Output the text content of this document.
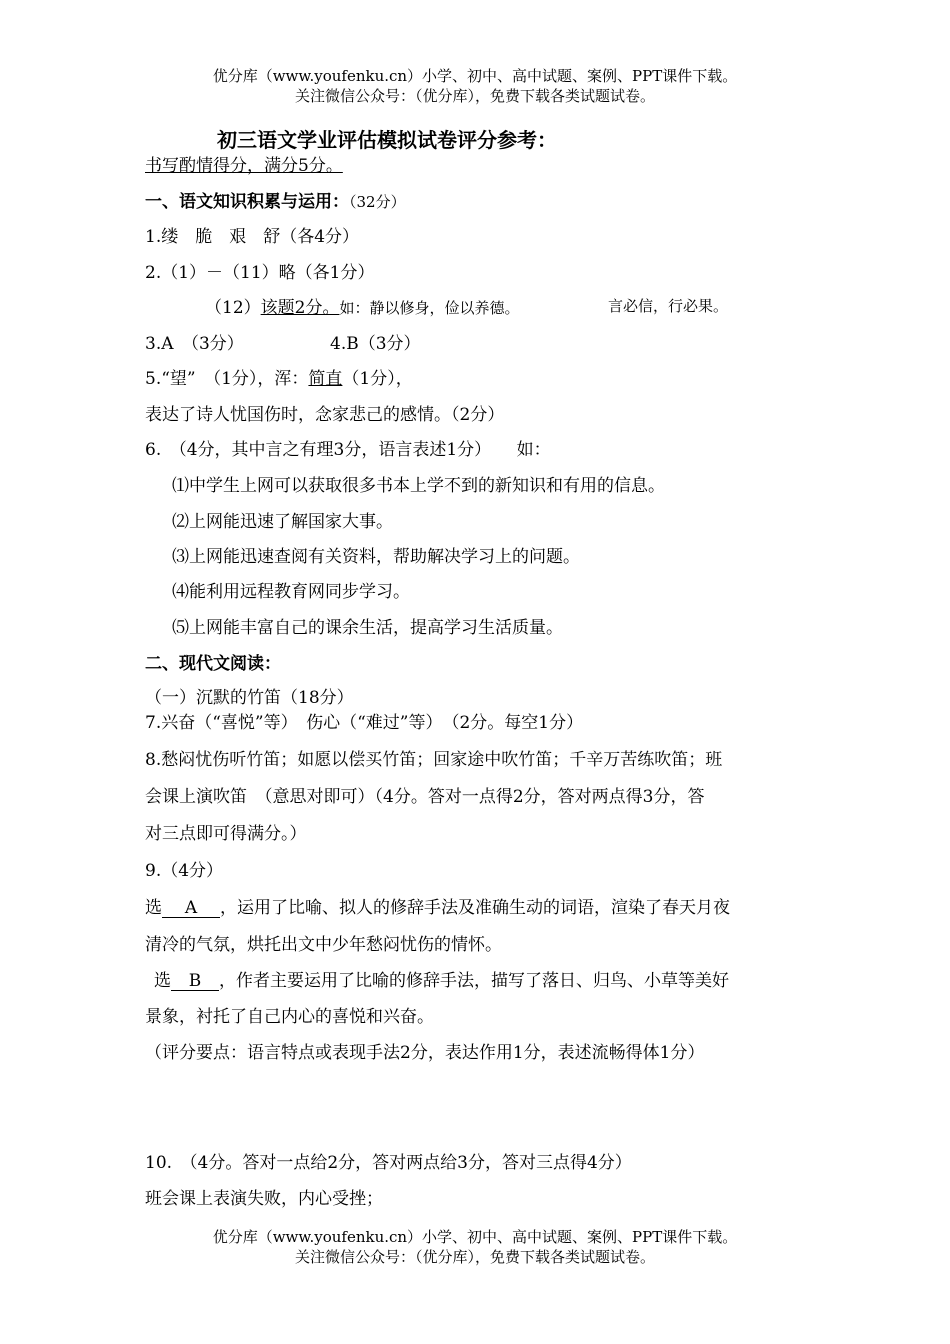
优分库（www.youfenku.cn）小学、初中、高中试题、案例、PPT课件下载。
关注微信公众号：（优分库），免费下载各类试题试卷。
初三语文学业评估模拟试卷评分参考：
书写酌情得分，满分5分。
一、语文知识积累与运用：（32分）
1.缕　脆　艰　舒（各4分）
2.（1）－（11）略（各1分）
（12）该题2分。如：静以修身，俭以养德。	言必信，行必果。
3.A　（3分）	4.B（3分）
5.“望”　（1分），浑：简直（1分），
表达了诗人忧国伤时，念家悲己的感情。（2分）
6.　（4分，其中言之有理3分，语言表述1分）　　如：
⑴中学生上网可以获取很多书本上学不到的新知识和有用的信息。
⑵上网能迅速了解国家大事。
⑶上网能迅速查阅有关资料，帮助解决学习上的问题。
⑷能利用远程教育网同步学习。
⑸上网能丰富自己的课余生活，提高学习生活质量。
二、现代文阅读：
（一）沉默的竹笛（18分）
7.兴奋（“喜悦”等）　伤心（“难过”等）　（2分。每空1分）
8.愁闷忧伤听竹笛；如愿以偿买竹笛；回家途中吹竹笛；千辛万苦练吹笛；班
会课上演吹笛　（意思对即可）（4分。答对一点得2分，答对两点得3分，答
对三点即可得满分。）
9.（4分）
选 A ，运用了比喻、拟人的修辞手法及准确生动的词语，渲染了春天月夜
清冷的气氛，烘托出文中少年愁闷忧伤的情怀。
选 B ，作者主要运用了比喻的修辞手法，描写了落日、归鸟、小草等美好
景象，衬托了自己内心的喜悦和兴奋。
（评分要点：语言特点或表现手法2分，表达作用1分，表述流畅得体1分）
10.　（4分。答对一点给2分，答对两点给3分，答对三点得4分）
班会课上表演失败，内心受挫；
优分库（www.youfenku.cn）小学、初中、高中试题、案例、PPT课件下载。
关注微信公众号：（优分库），免费下载各类试题试卷。
